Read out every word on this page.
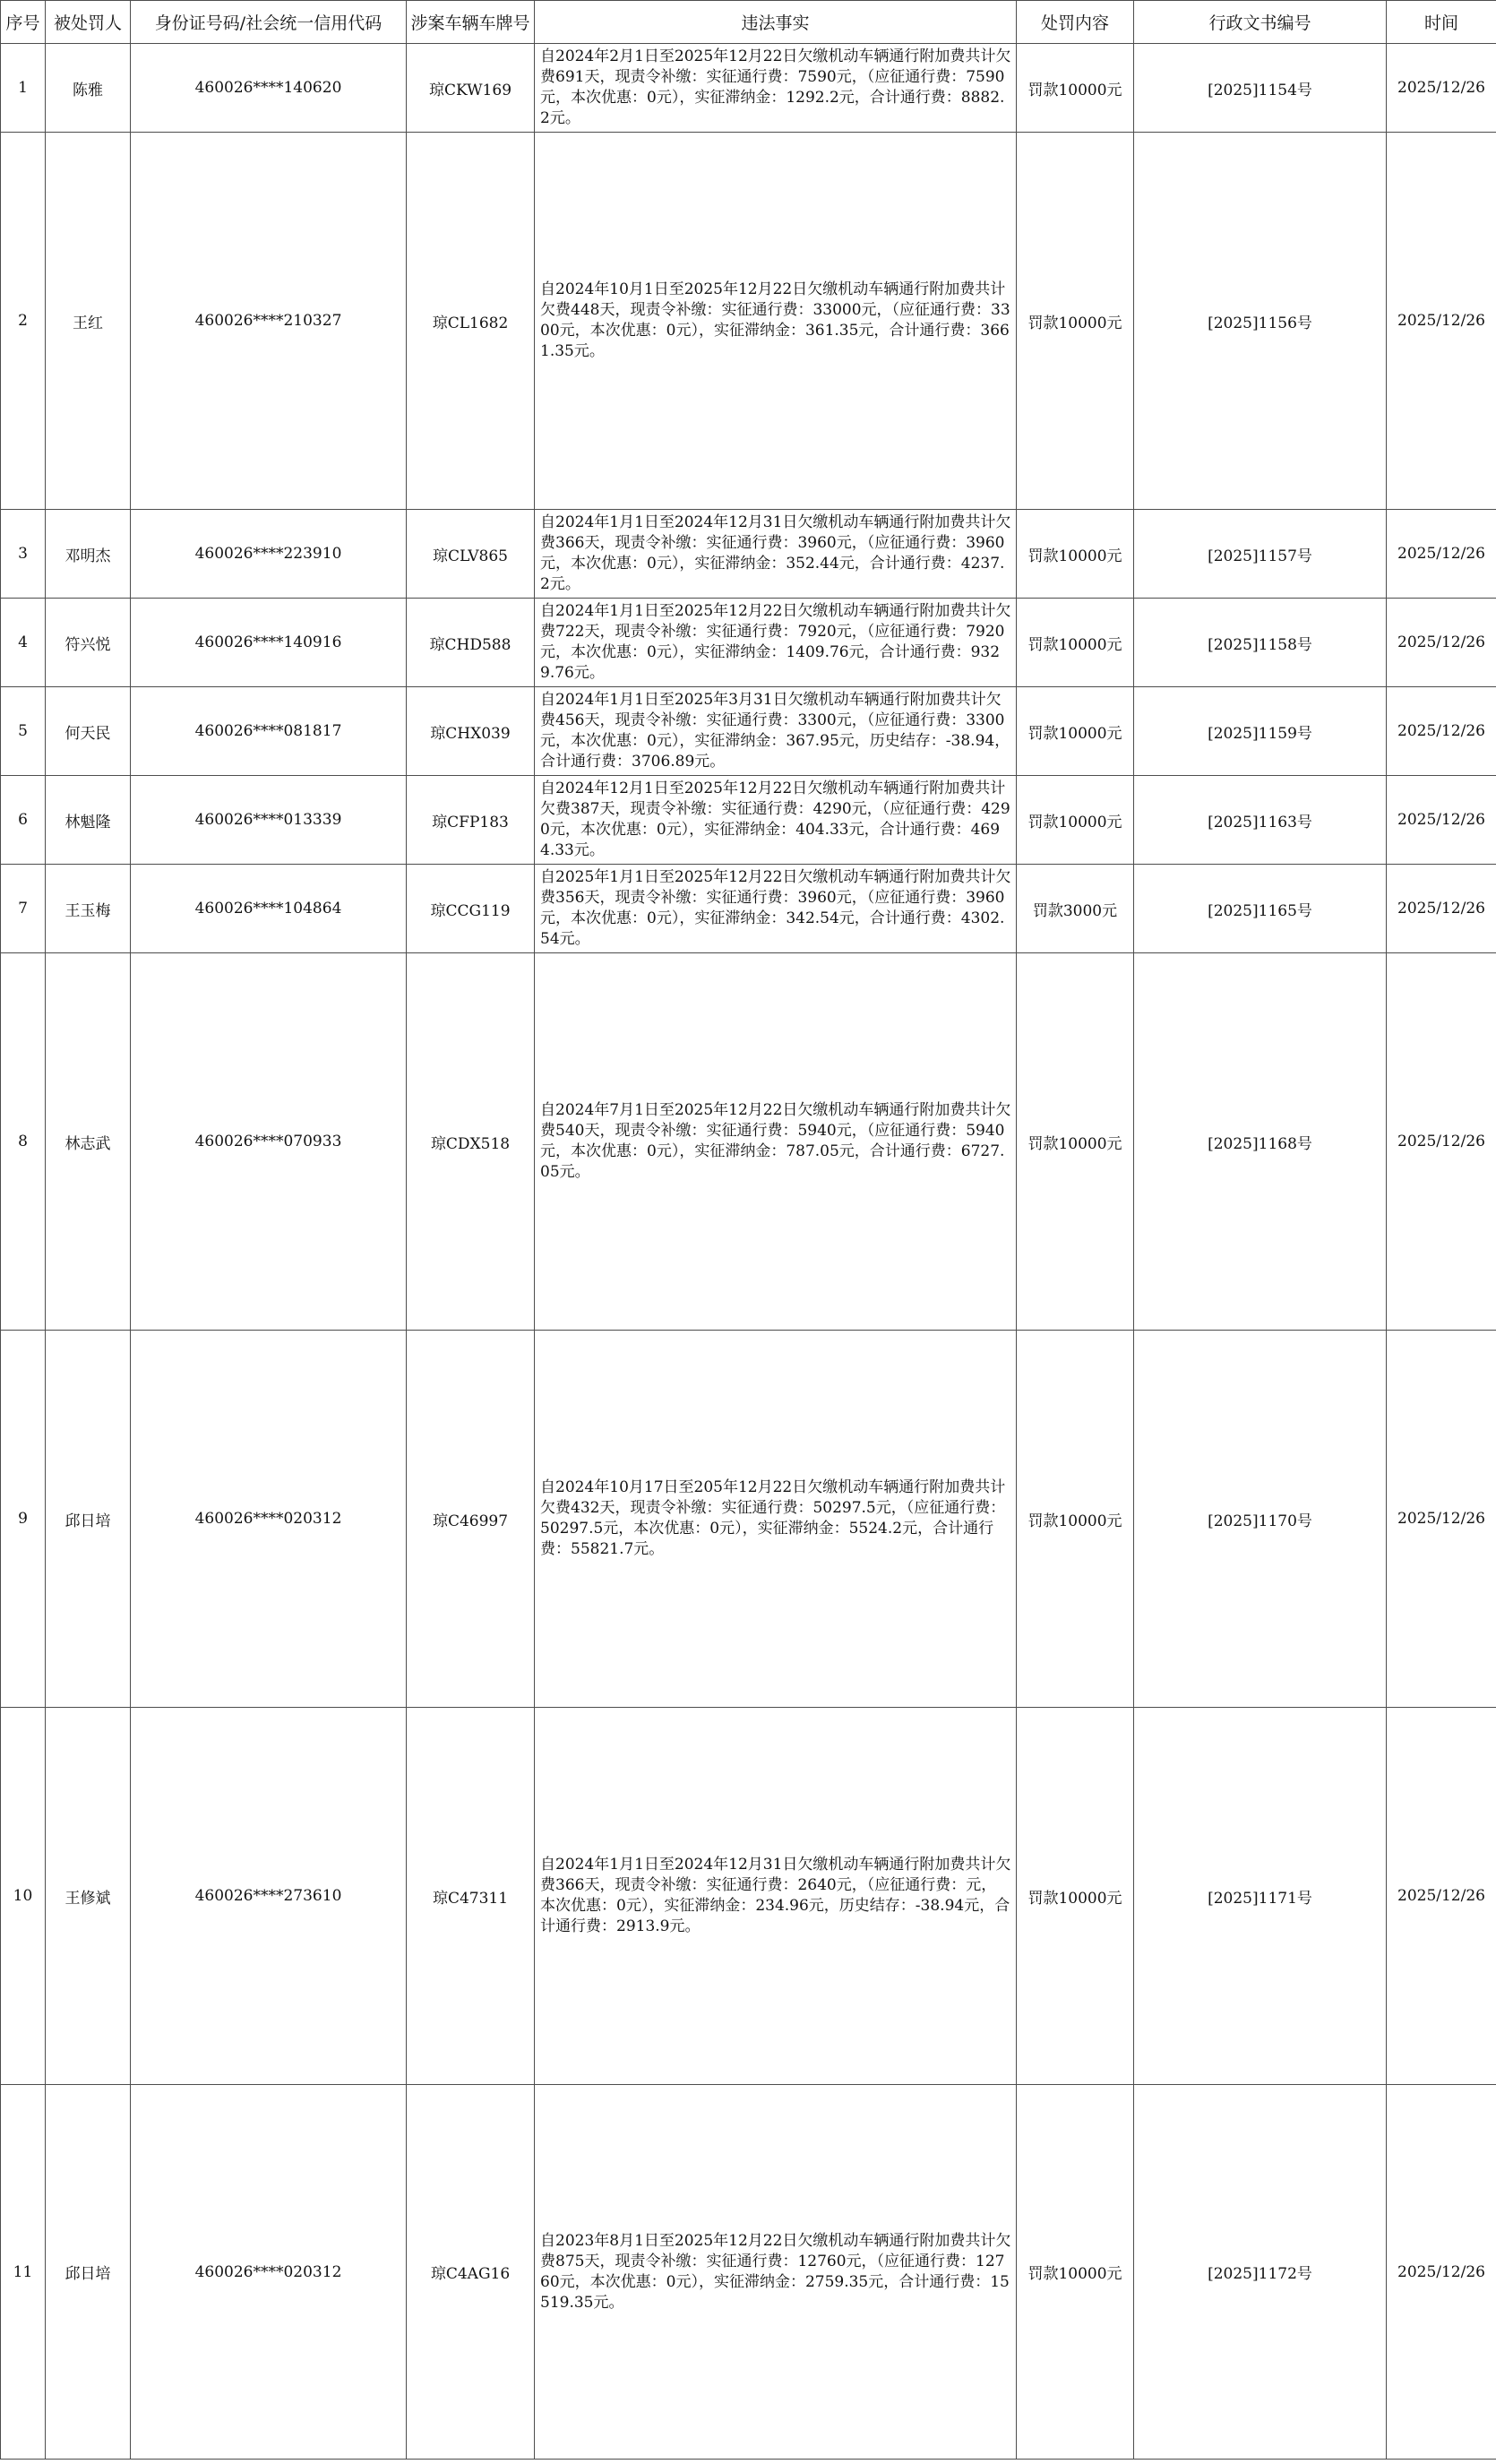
序号	被处罚人	身份证号码/社会统一信用代码	涉案车辆车牌号	违法事实	处罚内容	行政文书编号	时间
1	陈雅	460026****140620	琼CKW169	自2024年2月1日至2025年12月22日欠缴机动车辆通行附加费共计欠费691天，现责令补缴：实征通行费：7590元，（应征通行费：7590元，本次优惠：0元），实征滞纳金：1292.2元，合计通行费：8882.2元。	罚款10000元	[2025]1154号	2025/12/26
2	王红	460026****210327	琼CL1682	自2024年10月1日至2025年12月22日欠缴机动车辆通行附加费共计欠费448天，现责令补缴：实征通行费：33000元，（应征通行费：3300元，本次优惠：0元），实征滞纳金：361.35元，合计通行费：3661.35元。	罚款10000元	[2025]1156号	2025/12/26
3	邓明杰	460026****223910	琼CLV865	自2024年1月1日至2024年12月31日欠缴机动车辆通行附加费共计欠费366天，现责令补缴：实征通行费：3960元，（应征通行费：3960元，本次优惠：0元），实征滞纳金：352.44元，合计通行费：4237.2元。	罚款10000元	[2025]1157号	2025/12/26
4	符兴悦	460026****140916	琼CHD588	自2024年1月1日至2025年12月22日欠缴机动车辆通行附加费共计欠费722天，现责令补缴：实征通行费：7920元，（应征通行费：7920元，本次优惠：0元），实征滞纳金：1409.76元，合计通行费：9329.76元。	罚款10000元	[2025]1158号	2025/12/26
5	何天民	460026****081817	琼CHX039	自2024年1月1日至2025年3月31日欠缴机动车辆通行附加费共计欠费456天，现责令补缴：实征通行费：3300元，（应征通行费：3300元，本次优惠：0元），实征滞纳金：367.95元，历史结存：-38.94，合计通行费：3706.89元。	罚款10000元	[2025]1159号	2025/12/26
6	林魁隆	460026****013339	琼CFP183	自2024年12月1日至2025年12月22日欠缴机动车辆通行附加费共计欠费387天，现责令补缴：实征通行费：4290元，（应征通行费：4290元，本次优惠：0元），实征滞纳金：404.33元，合计通行费：4694.33元。	罚款10000元	[2025]1163号	2025/12/26
7	王玉梅	460026****104864	琼CCG119	自2025年1月1日至2025年12月22日欠缴机动车辆通行附加费共计欠费356天，现责令补缴：实征通行费：3960元，（应征通行费：3960元，本次优惠：0元），实征滞纳金：342.54元，合计通行费：4302.54元。	罚款3000元	[2025]1165号	2025/12/26
8	林志武	460026****070933	琼CDX518	自2024年7月1日至2025年12月22日欠缴机动车辆通行附加费共计欠费540天，现责令补缴：实征通行费：5940元，（应征通行费：5940元，本次优惠：0元），实征滞纳金：787.05元，合计通行费：6727.05元。	罚款10000元	[2025]1168号	2025/12/26
9	邱日培	460026****020312	琼C46997	自2024年10月17日至205年12月22日欠缴机动车辆通行附加费共计欠费432天，现责令补缴：实征通行费：50297.5元，（应征通行费：50297.5元，本次优惠：0元），实征滞纳金：5524.2元，合计通行费：55821.7元。	罚款10000元	[2025]1170号	2025/12/26
10	王修斌	460026****273610	琼C47311	自2024年1月1日至2024年12月31日欠缴机动车辆通行附加费共计欠费366天，现责令补缴：实征通行费：2640元，（应征通行费：元，本次优惠：0元），实征滞纳金：234.96元，历史结存：-38.94元，合计通行费：2913.9元。	罚款10000元	[2025]1171号	2025/12/26
11	邱日培	460026****020312	琼C4AG16	自2023年8月1日至2025年12月22日欠缴机动车辆通行附加费共计欠费875天，现责令补缴：实征通行费：12760元，（应征通行费：12760元，本次优惠：0元），实征滞纳金：2759.35元，合计通行费：15519.35元。	罚款10000元	[2025]1172号	2025/12/26
